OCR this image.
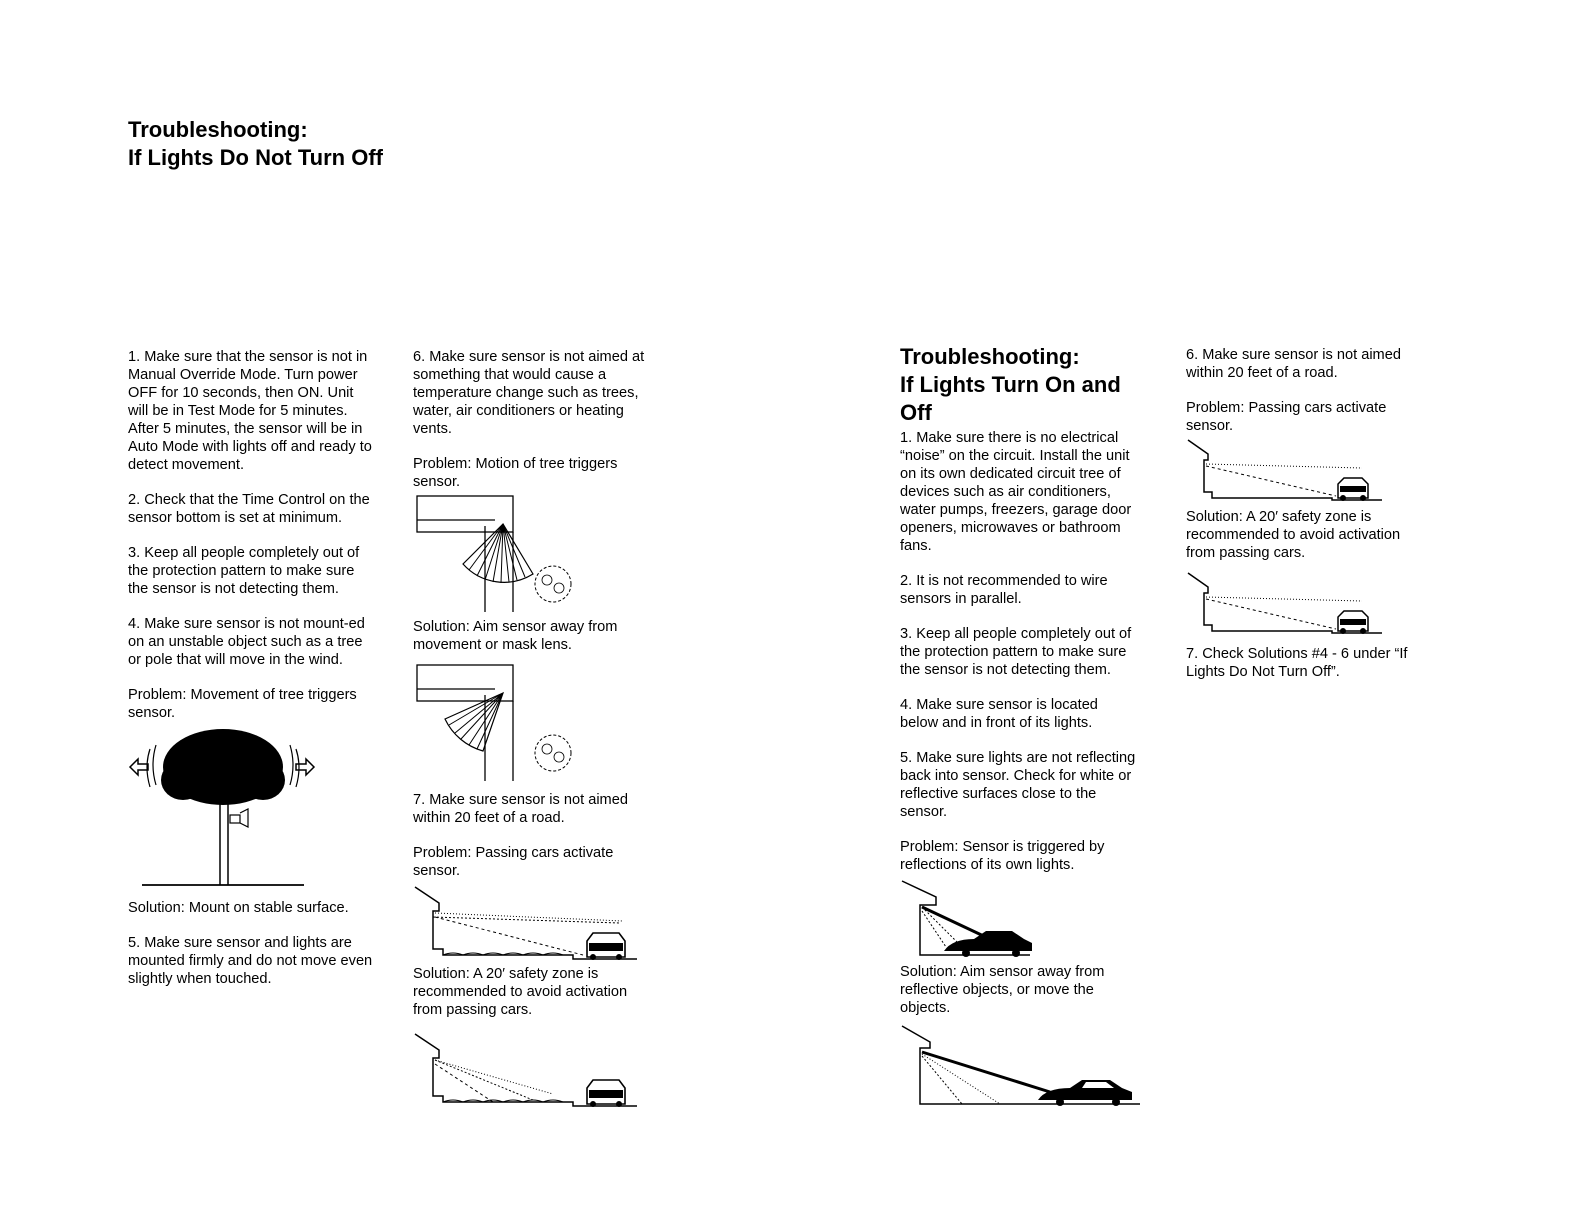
Troubleshooting:
If Lights Do Not Turn Off

1. Make sure that the sensor is not in Manual Override Mode. Turn power OFF for 10 seconds, then ON. Unit will be in Test Mode for 5 minutes. After 5 minutes, the sensor will be in Auto Mode with lights off and ready to detect movement.

2. Check that the Time Control on the sensor bottom is set at minimum.

3. Keep all people completely out of the protection pattern to make sure the sensor is not detecting them.

4. Make sure sensor is not mount-ed on an unstable object such as a tree or pole that will move in the wind.

Problem: Movement of tree triggers sensor.

Solution: Mount on stable surface.

5. Make sure sensor and lights are mounted firmly and do not move even slightly when touched.

6. Make sure sensor is not aimed at something that would cause a temperature change such as trees, water, air conditioners or heating vents.

Problem: Motion of tree triggers sensor.

Solution: Aim sensor away from movement or mask lens.

7. Make sure sensor is not aimed within 20 feet of a road.

Problem: Passing cars activate sensor.

Solution: A 20′ safety zone is recommended to avoid activation from passing cars.

Troubleshooting:
If Lights Turn On and Off

1. Make sure there is no electrical “noise” on the circuit. Install the unit on its own dedicated circuit tree of devices such as air conditioners, water pumps, freezers, garage door openers, microwaves or bathroom fans.

2. It is not recommended to wire sensors in parallel.

3. Keep all people completely out of the protection pattern to make sure the sensor is not detecting them.

4. Make sure sensor is located below and in front of its lights.

5. Make sure lights are not reflecting back into sensor. Check for white or reflective surfaces close to the sensor.

Problem: Sensor is triggered by reflections of its own lights.

Solution: Aim sensor away from reflective objects, or move the objects.

6. Make sure sensor is not aimed within 20 feet of a road.

Problem: Passing cars activate sensor.

Solution: A 20′ safety zone is recommended to avoid activation from passing cars.

7. Check Solutions #4 - 6 under “If Lights Do Not Turn Off”.
